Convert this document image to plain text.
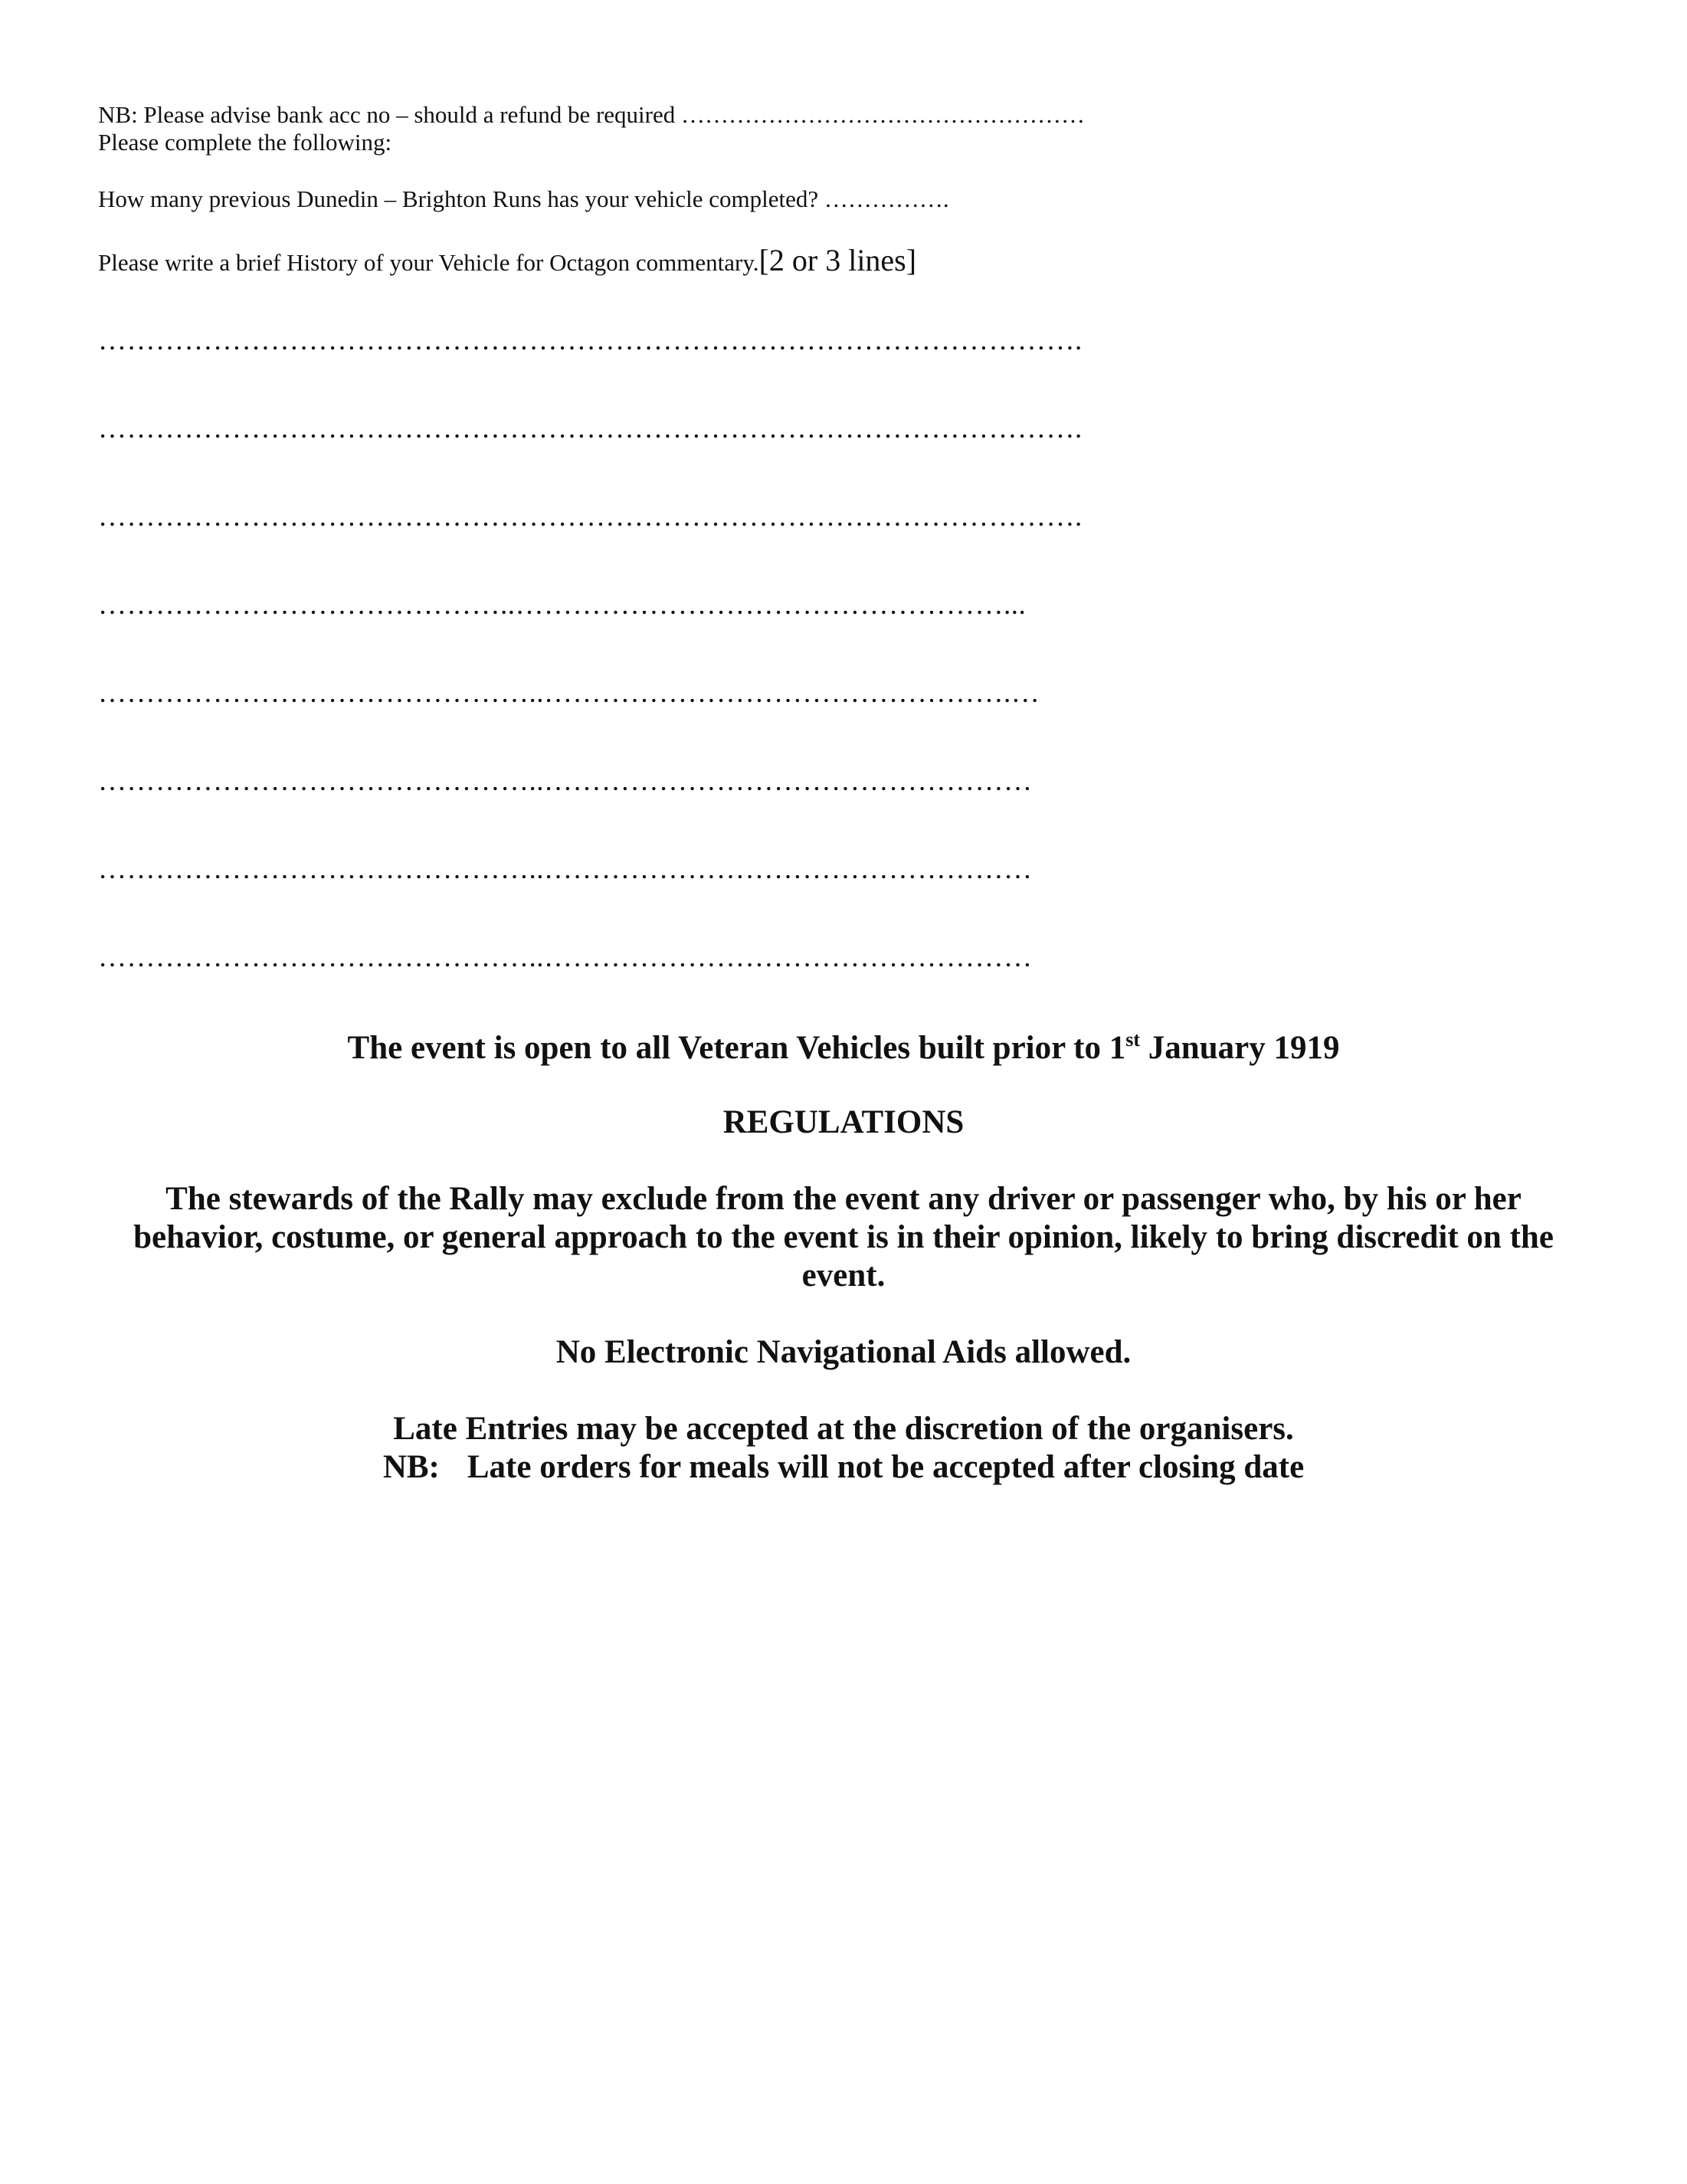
NB: Please advise bank acc no – should a refund be required ……………………………………………
Please complete the following:
How many previous Dunedin – Brighton Runs has your vehicle completed? …………….
Please write a brief History of your Vehicle for Octagon commentary.[2 or 3 lines]
………………………………………………………………………………………….
………………………………………………………………………………………….
………………………………………………………………………………………….
……………………………………..……………………………………………...
………………………………………..………………………………………….…
………………………………………..……………………………………………
………………………………………..……………………………………………
………………………………………..……………………………………………
The event is open to all Veteran Vehicles built prior to 1st January 1919
REGULATIONS
The stewards of the Rally may exclude from the event any driver or passenger who, by his or her
behavior, costume, or general approach to the event is in their opinion, likely to bring discredit on the
event.
No Electronic Navigational Aids allowed.
Late Entries may be accepted at the discretion of the organisers.
NB: Late orders for meals will not be accepted after closing date
